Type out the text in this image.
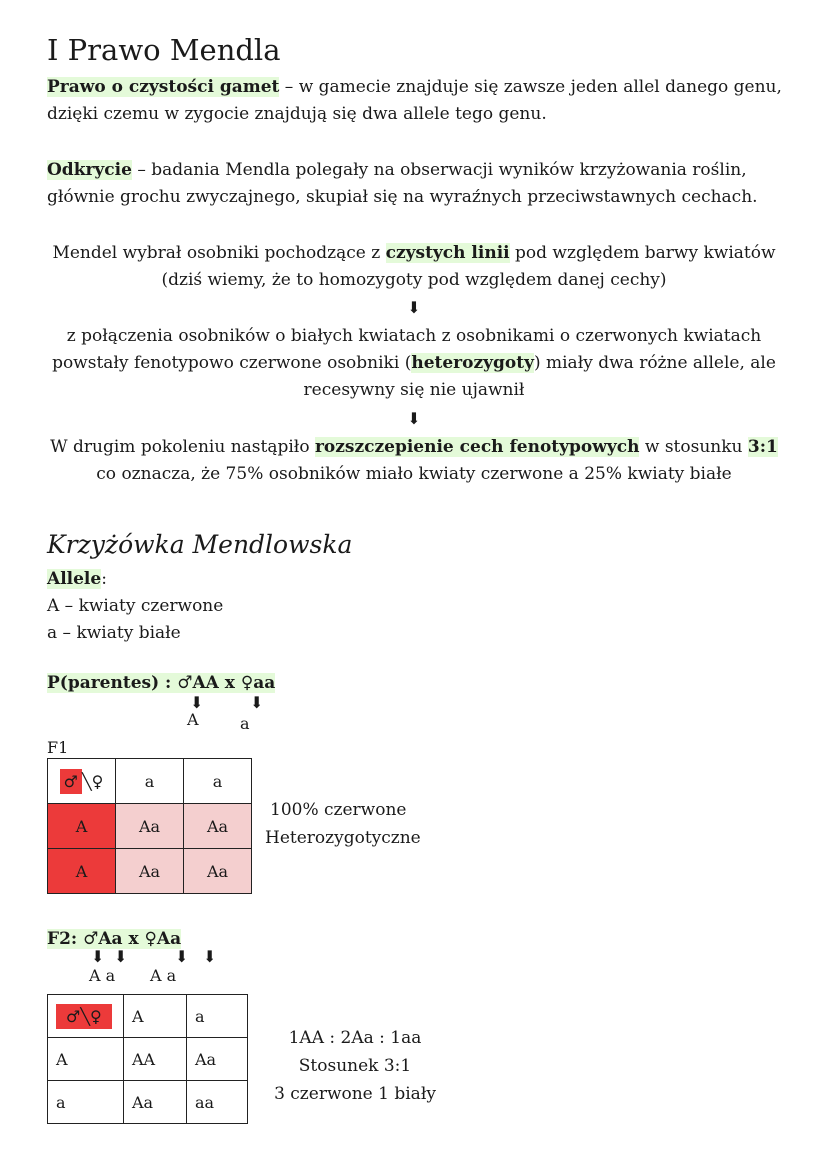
I Prawo Mendla
Prawo o czystości gamet – w gamecie znajduje się zawsze jeden allel danego genu,
dzięki czemu w zygocie znajdują się dwa allele tego genu.
Odkrycie – badania Mendla polegały na obserwacji wyników krzyżowania roślin,
głównie grochu zwyczajnego, skupiał się na wyraźnych przeciwstawnych cechach.
Mendel wybrał osobniki pochodzące z czystych linii pod względem barwy kwiatów
(dziś wiemy, że to homozygoty pod względem danej cechy)
⬇
z połączenia osobników o białych kwiatach z osobnikami o czerwonych kwiatach
powstały fenotypowo czerwone osobniki (heterozygoty) miały dwa różne allele, ale
recesywny się nie ujawnił
⬇
W drugim pokoleniu nastąpiło rozszczepienie cech fenotypowych w stosunku 3:1
co oznacza, że 75% osobników miało kwiaty czerwone a 25% kwiaty białe
Krzyżówka Mendlowska
Allele:
A – kwiaty czerwone
a – kwiaty białe
P(parentes) : ♂AA x ♀aa
⬇	⬇
A	a
F1
♂ ╲♀	a	a
A	Aa	Aa
A	Aa	Aa
100% czerwone
Heterozygotyczne
F2: ♂Aa x ♀Aa
⬇ ⬇	⬇ ⬇
A a A a
♂╲♀	A	a
A	AA	Aa
a	Aa	aa
1AA : 2Aa : 1aa
Stosunek 3:1
3 czerwone 1 biały
